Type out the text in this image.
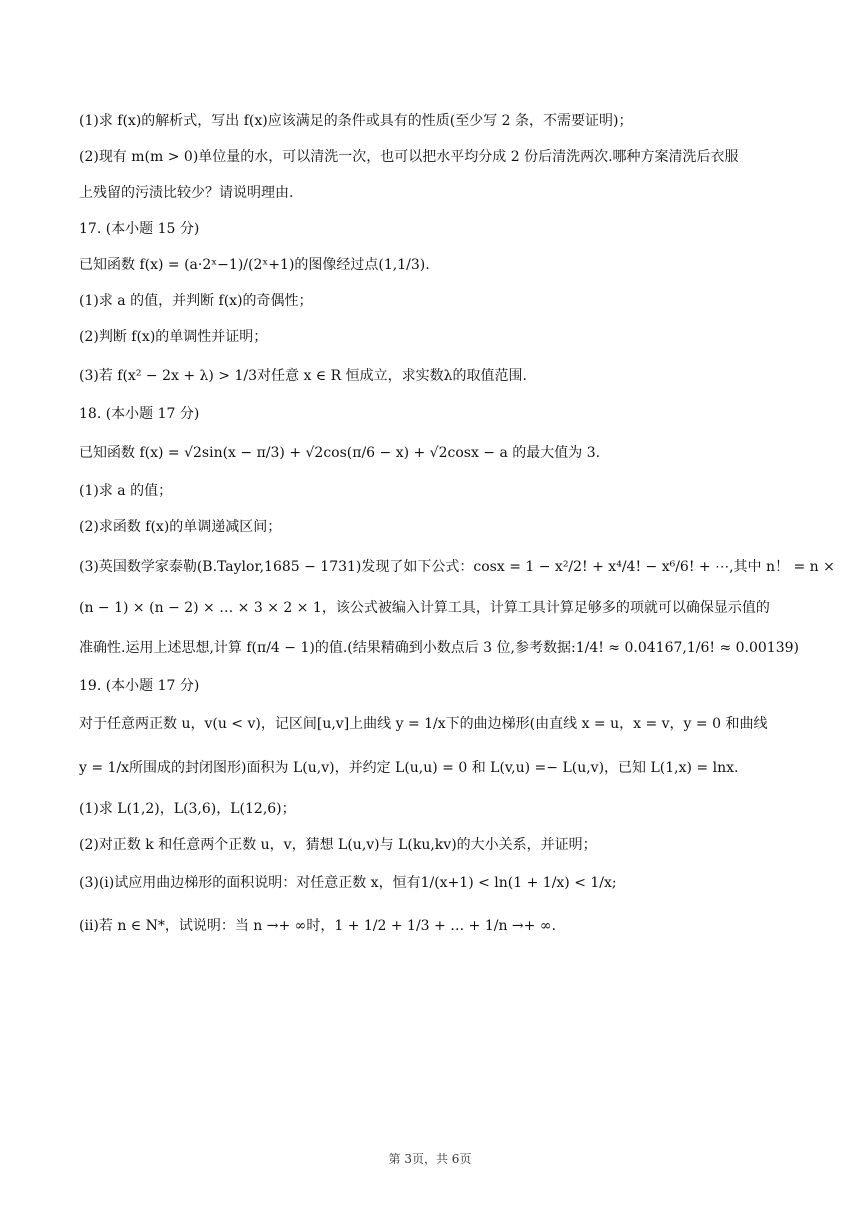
(1)求 f(x)的解析式，写出 f(x)应该满足的条件或具有的性质(至少写 2 条，不需要证明)；
(2)现有 m(m > 0)单位量的水，可以清洗一次，也可以把水平均分成 2 份后清洗两次.哪种方案清洗后衣服
上残留的污渍比较少？请说明理由.
17. (本小题 15 分)
已知函数 f(x) = (a·2ˣ−1)/(2ˣ+1)的图像经过点(1,1/3).
(1)求 a 的值，并判断 f(x)的奇偶性；
(2)判断 f(x)的单调性并证明；
(3)若 f(x² − 2x + λ) > 1/3对任意 x ∈ R 恒成立，求实数λ的取值范围.
18. (本小题 17 分)
已知函数 f(x) = √2sin(x − π/3) + √2cos(π/6 − x) + √2cosx − a 的最大值为 3.
(1)求 a 的值；
(2)求函数 f(x)的单调递减区间；
(3)英国数学家泰勒(B.Taylor,1685 − 1731)发现了如下公式：cosx = 1 − x²/2! + x⁴/4! − x⁶/6! + ⋯,其中 n！ = n ×
(n − 1) × (n − 2) × … × 3 × 2 × 1，该公式被编入计算工具，计算工具计算足够多的项就可以确保显示值的
准确性.运用上述思想,计算 f(π/4 − 1)的值.(结果精确到小数点后 3 位,参考数据:1/4! ≈ 0.04167,1/6! ≈ 0.00139)
19. (本小题 17 分)
对于任意两正数 u，v(u < v)，记区间[u,v]上曲线 y = 1/x下的曲边梯形(由直线 x = u，x = v，y = 0 和曲线
y = 1/x所围成的封闭图形)面积为 L(u,v)，并约定 L(u,u) = 0 和 L(v,u) =− L(u,v)，已知 L(1,x) = lnx.
(1)求 L(1,2)，L(3,6)，L(12,6)；
(2)对正数 k 和任意两个正数 u，v，猜想 L(u,v)与 L(ku,kv)的大小关系，并证明；
(3)(i)试应用曲边梯形的面积说明：对任意正数 x，恒有1/(x+1) < ln(1 + 1/x) < 1/x;
(ii)若 n ∈ N*，试说明：当 n →+ ∞时，1 + 1/2 + 1/3 + … + 1/n →+ ∞.
第 3页，共 6页
